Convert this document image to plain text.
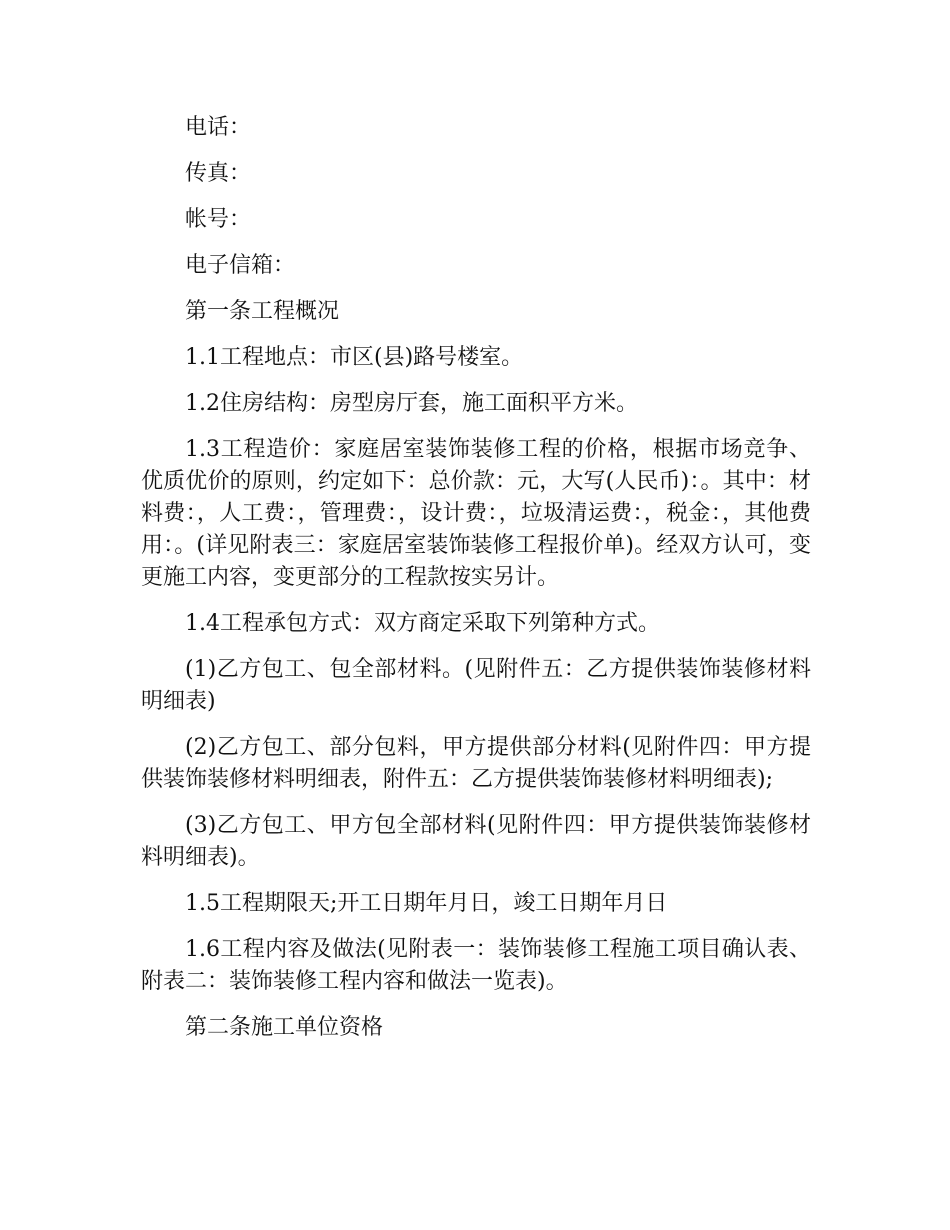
电话：

传真：

帐号：

电子信箱：

第一条工程概况

1.1工程地点：市区(县)路号楼室。

1.2住房结构：房型房厅套，施工面积平方米。

1.3工程造价：家庭居室装饰装修工程的价格，根据市场竞争、优质优价的原则，约定如下：总价款：元，大写(人民币)：。其中：材料费：，人工费：，管理费：，设计费：，垃圾清运费：，税金：，其他费用：。(详见附表三：家庭居室装饰装修工程报价单)。经双方认可，变更施工内容，变更部分的工程款按实另计。

1.4工程承包方式：双方商定采取下列第种方式。

(1)乙方包工、包全部材料。(见附件五：乙方提供装饰装修材料明细表)

(2)乙方包工、部分包料，甲方提供部分材料(见附件四：甲方提供装饰装修材料明细表，附件五：乙方提供装饰装修材料明细表);

(3)乙方包工、甲方包全部材料(见附件四：甲方提供装饰装修材料明细表)。

1.5工程期限天;开工日期年月日，竣工日期年月日

1.6工程内容及做法(见附表一：装饰装修工程施工项目确认表、附表二：装饰装修工程内容和做法一览表)。

第二条施工单位资格
